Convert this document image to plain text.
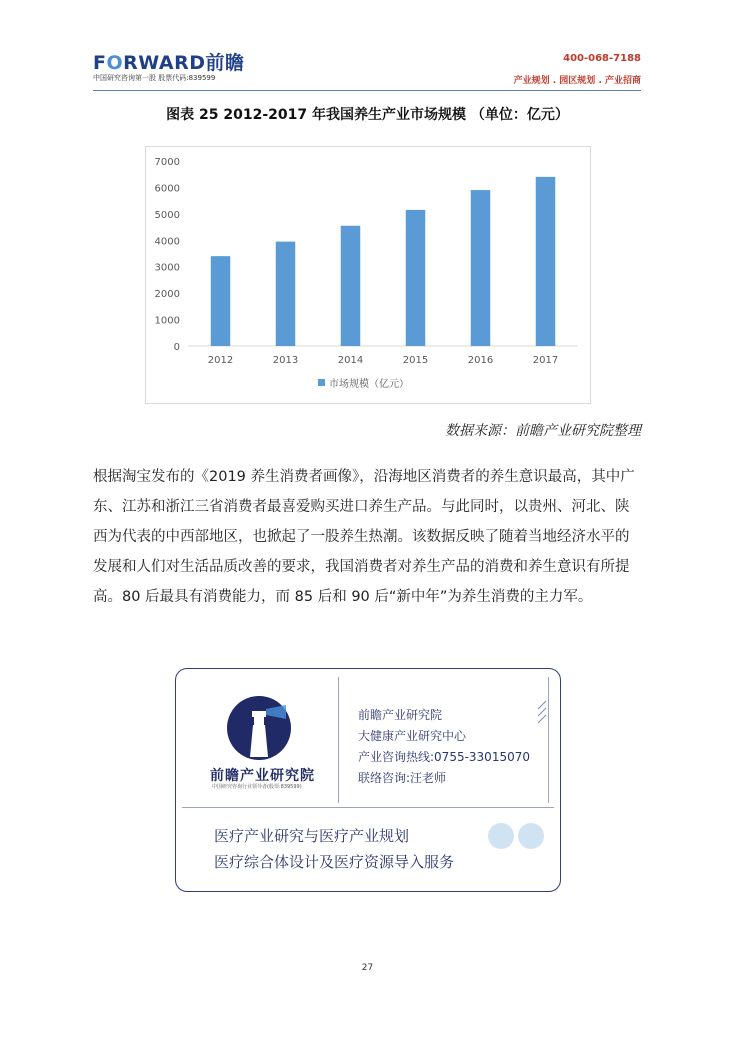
FORWARD前瞻
中国研究咨询第一股 股票代码:839599
400-068-7188
产业规划 . 园区规划 . 产业招商
图表 25 2012-2017 年我国养生产业市场规模 （单位：亿元）
0
1000
2000
3000
4000
5000
6000
7000
2012	2013	2014	2015	2016	2017
市场规模（亿元）
数据来源：前瞻产业研究院整理
根据淘宝发布的《2019 养生消费者画像》，沿海地区消费者的养生意识最高，其中广东、江苏和浙江三省消费者最喜爱购买进口养生产品。与此同时，以贵州、河北、陕西为代表的中西部地区，也掀起了一股养生热潮。该数据反映了随着当地经济水平的发展和人们对生活品质改善的要求，我国消费者对养生产品的消费和养生意识有所提高。80 后最具有消费能力，而 85 后和 90 后“新中年”为养生消费的主力军。
前瞻产业研究院
中国研究咨询行业领导者(股票:839599)
前瞻产业研究院
大健康产业研究中心
产业咨询热线:0755-33015070
联络咨询:汪老师
医疗产业研究与医疗产业规划
医疗综合体设计及医疗资源导入服务
27
